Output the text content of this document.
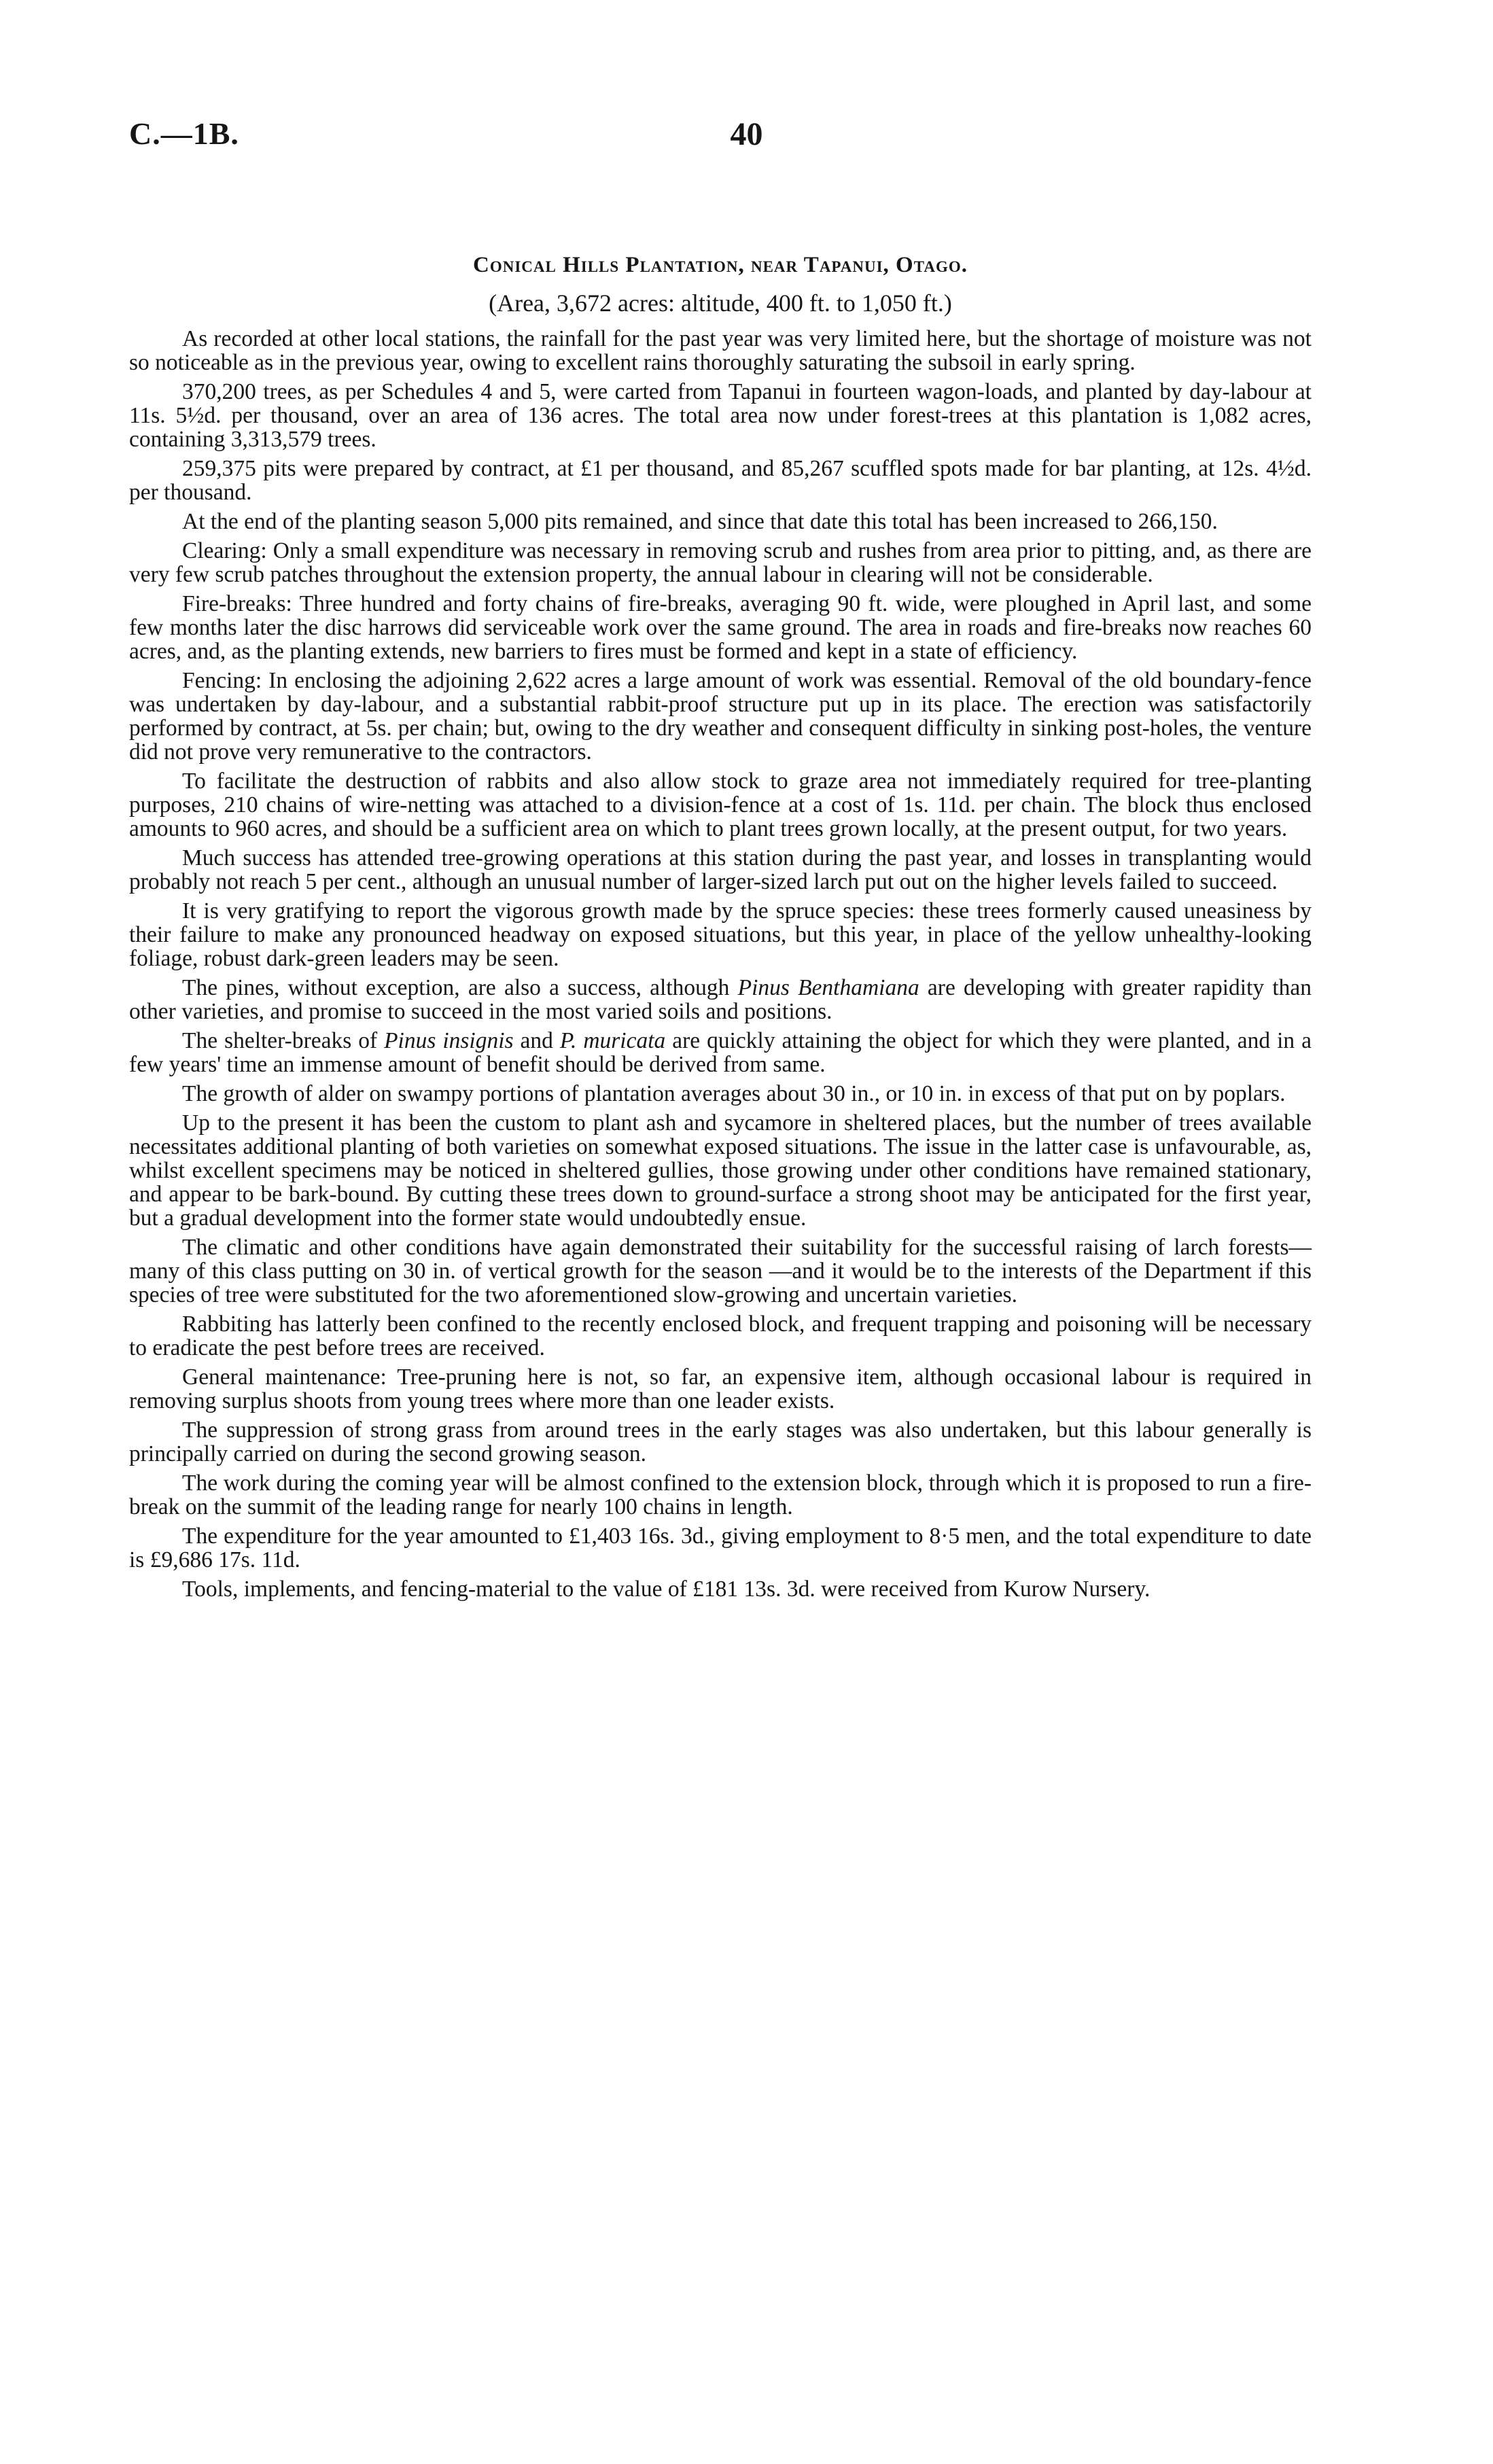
C.—1B.	40
Conical Hills Plantation, near Tapanui, Otago.
(Area, 3,672 acres: altitude, 400 ft. to 1,050 ft.)

As recorded at other local stations, the rainfall for the past year was very limited here, but the shortage of moisture was not so noticeable as in the previous year, owing to excellent rains thoroughly saturating the subsoil in early spring.

370,200 trees, as per Schedules 4 and 5, were carted from Tapanui in fourteen wagon-loads, and planted by day-labour at 11s. 5½d. per thousand, over an area of 136 acres. The total area now under forest-trees at this plantation is 1,082 acres, containing 3,313,579 trees.

259,375 pits were prepared by contract, at £1 per thousand, and 85,267 scuffled spots made for bar planting, at 12s. 4½d. per thousand.

At the end of the planting season 5,000 pits remained, and since that date this total has been increased to 266,150.

Clearing: Only a small expenditure was necessary in removing scrub and rushes from area prior to pitting, and, as there are very few scrub patches throughout the extension property, the annual labour in clearing will not be considerable.

Fire-breaks: Three hundred and forty chains of fire-breaks, averaging 90 ft. wide, were ploughed in April last, and some few months later the disc harrows did serviceable work over the same ground. The area in roads and fire-breaks now reaches 60 acres, and, as the planting extends, new barriers to fires must be formed and kept in a state of efficiency.

Fencing: In enclosing the adjoining 2,622 acres a large amount of work was essential. Removal of the old boundary-fence was undertaken by day-labour, and a substantial rabbit-proof structure put up in its place. The erection was satisfactorily performed by contract, at 5s. per chain; but, owing to the dry weather and consequent difficulty in sinking post-holes, the venture did not prove very remunerative to the contractors.

To facilitate the destruction of rabbits and also allow stock to graze area not immediately required for tree-planting purposes, 210 chains of wire-netting was attached to a division-fence at a cost of 1s. 11d. per chain. The block thus enclosed amounts to 960 acres, and should be a sufficient area on which to plant trees grown locally, at the present output, for two years.

Much success has attended tree-growing operations at this station during the past year, and losses in transplanting would probably not reach 5 per cent., although an unusual number of larger-sized larch put out on the higher levels failed to succeed.

It is very gratifying to report the vigorous growth made by the spruce species: these trees formerly caused uneasiness by their failure to make any pronounced headway on exposed situations, but this year, in place of the yellow unhealthy-looking foliage, robust dark-green leaders may be seen.

The pines, without exception, are also a success, although Pinus Benthamiana are developing with greater rapidity than other varieties, and promise to succeed in the most varied soils and positions.

The shelter-breaks of Pinus insignis and P. muricata are quickly attaining the object for which they were planted, and in a few years' time an immense amount of benefit should be derived from same.

The growth of alder on swampy portions of plantation averages about 30 in., or 10 in. in excess of that put on by poplars.

Up to the present it has been the custom to plant ash and sycamore in sheltered places, but the number of trees available necessitates additional planting of both varieties on somewhat exposed situations. The issue in the latter case is unfavourable, as, whilst excellent specimens may be noticed in sheltered gullies, those growing under other conditions have remained stationary, and appear to be bark-bound. By cutting these trees down to ground-surface a strong shoot may be anticipated for the first year, but a gradual development into the former state would undoubtedly ensue.

The climatic and other conditions have again demonstrated their suitability for the successful raising of larch forests—many of this class putting on 30 in. of vertical growth for the season —and it would be to the interests of the Department if this species of tree were substituted for the two aforementioned slow-growing and uncertain varieties.

Rabbiting has latterly been confined to the recently enclosed block, and frequent trapping and poisoning will be necessary to eradicate the pest before trees are received.

General maintenance: Tree-pruning here is not, so far, an expensive item, although occasional labour is required in removing surplus shoots from young trees where more than one leader exists.

The suppression of strong grass from around trees in the early stages was also undertaken, but this labour generally is principally carried on during the second growing season.

The work during the coming year will be almost confined to the extension block, through which it is proposed to run a fire-break on the summit of the leading range for nearly 100 chains in length.

The expenditure for the year amounted to £1,403 16s. 3d., giving employment to 8·5 men, and the total expenditure to date is £9,686 17s. 11d.

Tools, implements, and fencing-material to the value of £181 13s. 3d. were received from Kurow Nursery.
